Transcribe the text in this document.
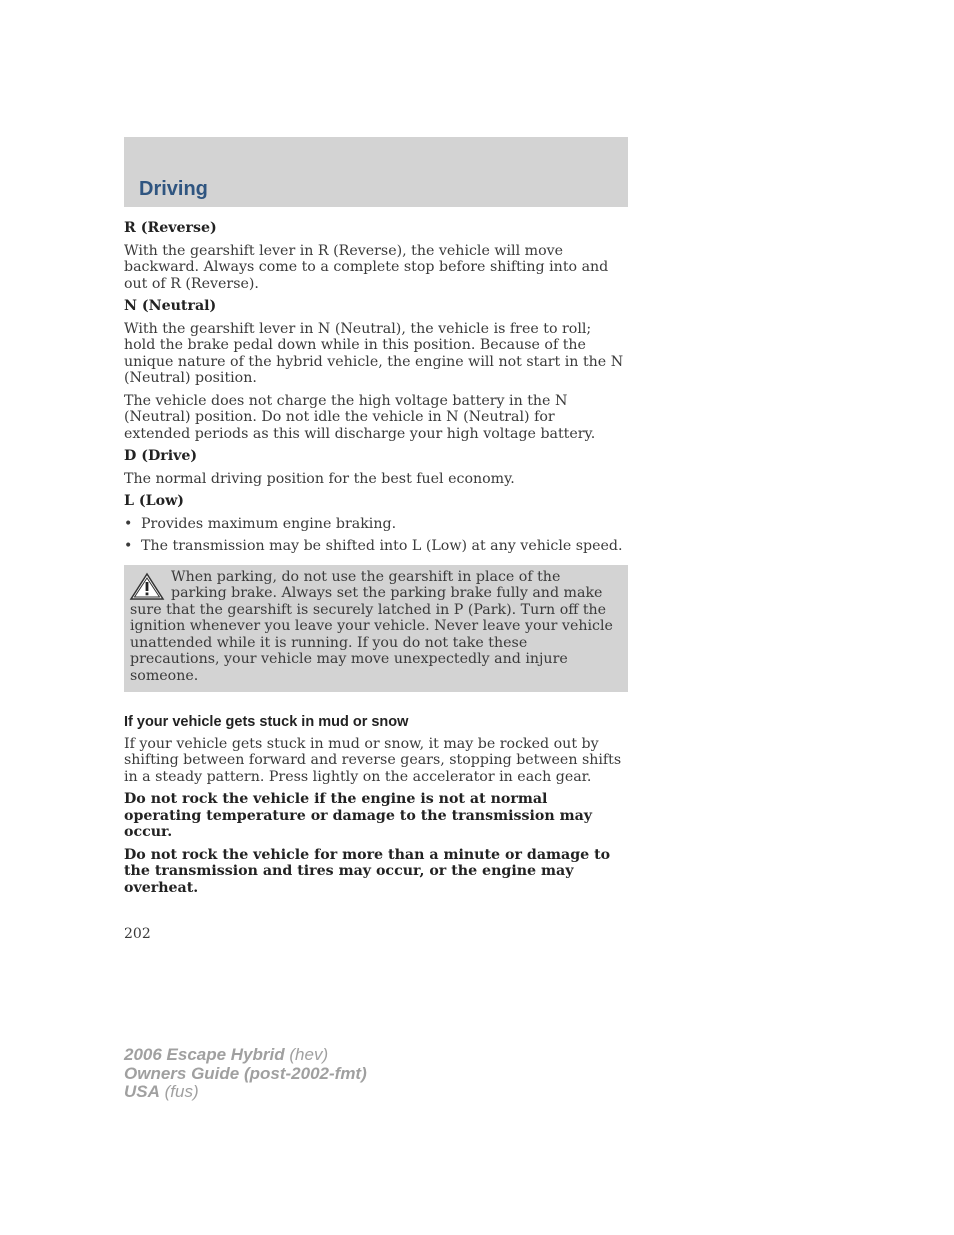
Driving

R (Reverse)

With the gearshift lever in R (Reverse), the vehicle will move backward. Always come to a complete stop before shifting into and out of R (Reverse).

N (Neutral)

With the gearshift lever in N (Neutral), the vehicle is free to roll; hold the brake pedal down while in this position. Because of the unique nature of the hybrid vehicle, the engine will not start in the N (Neutral) position.

The vehicle does not charge the high voltage battery in the N (Neutral) position. Do not idle the vehicle in N (Neutral) for extended periods as this will discharge your high voltage battery.

D (Drive)

The normal driving position for the best fuel economy.

L (Low)

• Provides maximum engine braking.
• The transmission may be shifted into L (Low) at any vehicle speed.
When parking, do not use the gearshift in place of the parking brake. Always set the parking brake fully and make sure that the gearshift is securely latched in P (Park). Turn off the ignition whenever you leave your vehicle. Never leave your vehicle unattended while it is running. If you do not take these precautions, your vehicle may move unexpectedly and injure someone.
If your vehicle gets stuck in mud or snow

If your vehicle gets stuck in mud or snow, it may be rocked out by shifting between forward and reverse gears, stopping between shifts in a steady pattern. Press lightly on the accelerator in each gear.

Do not rock the vehicle if the engine is not at normal operating temperature or damage to the transmission may occur.

Do not rock the vehicle for more than a minute or damage to the transmission and tires may occur, or the engine may overheat.

202
2006 Escape Hybrid (hev)
Owners Guide (post-2002-fmt)
USA (fus)
